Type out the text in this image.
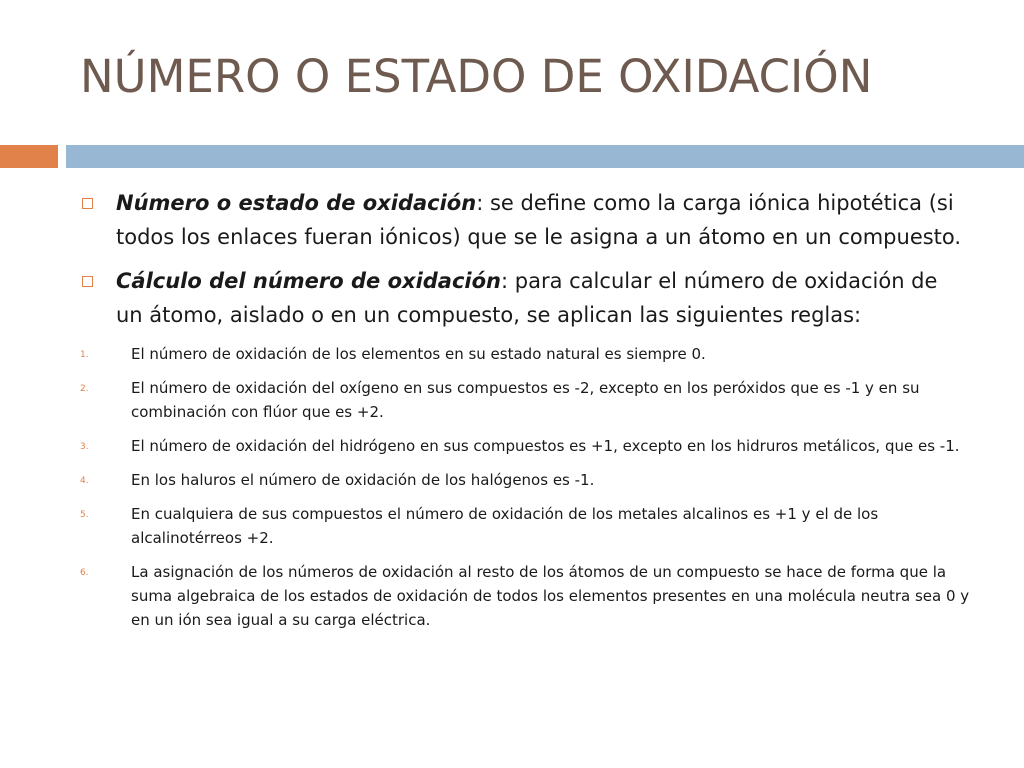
NÚMERO O ESTADO DE OXIDACIÓN
Número o estado de oxidación: se define como la carga iónica hipotética (si todos los enlaces fueran iónicos) que se le asigna a un átomo en un compuesto.
Cálculo del número de oxidación: para calcular el número de oxidación de un átomo, aislado o en un compuesto, se aplican las siguientes reglas:
1.	El número de oxidación de los elementos en su estado natural es siempre 0.
2.	El número de oxidación del oxígeno en sus compuestos es -2, excepto en los peróxidos que es -1 y en su combinación con flúor que es +2.
3.	El número de oxidación del hidrógeno en sus compuestos es +1, excepto en los hidruros metálicos, que es -1.
4.	En los haluros el número de oxidación de los halógenos es -1.
5.	En cualquiera de sus compuestos el número de oxidación de los metales alcalinos es +1 y el de los alcalinotérreos +2.
6.	La asignación de los números de oxidación al resto de los átomos de un compuesto se hace de forma que la suma algebraica de los estados de oxidación de todos los elementos presentes en una molécula neutra sea 0 y en un ión sea igual a su carga eléctrica.
